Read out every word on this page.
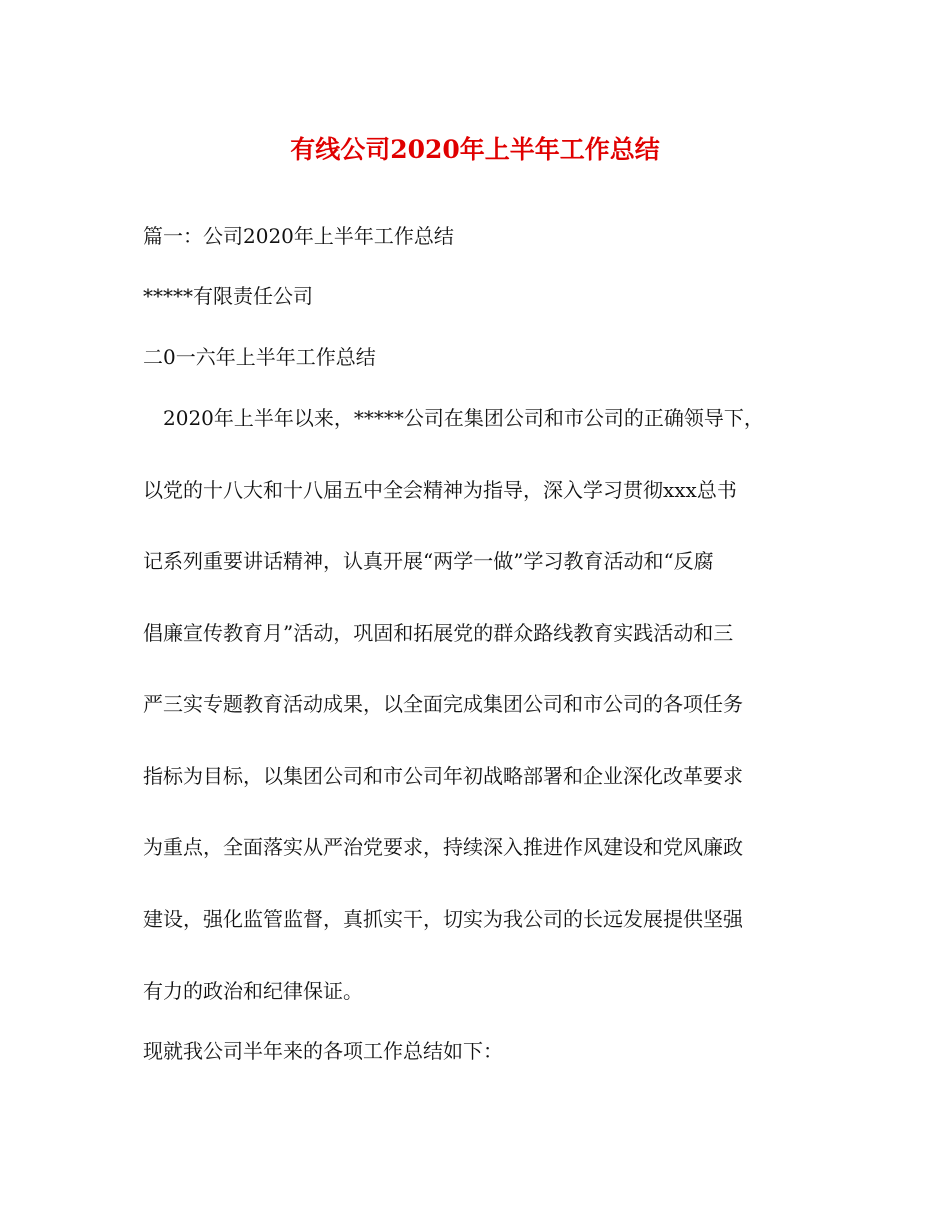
有线公司2020年上半年工作总结

篇一：公司2020年上半年工作总结

*****有限责任公司

二0一六年上半年工作总结

2020年上半年以来，*****公司在集团公司和市公司的正确领导下，

以党的十八大和十八届五中全会精神为指导，深入学习贯彻xxx总书

记系列重要讲话精神，认真开展“两学一做”学习教育活动和“反腐

倡廉宣传教育月”活动，巩固和拓展党的群众路线教育实践活动和三

严三实专题教育活动成果，以全面完成集团公司和市公司的各项任务

指标为目标，以集团公司和市公司年初战略部署和企业深化改革要求

为重点，全面落实从严治党要求，持续深入推进作风建设和党风廉政

建设，强化监管监督，真抓实干，切实为我公司的长远发展提供坚强

有力的政治和纪律保证。

现就我公司半年来的各项工作总结如下：
